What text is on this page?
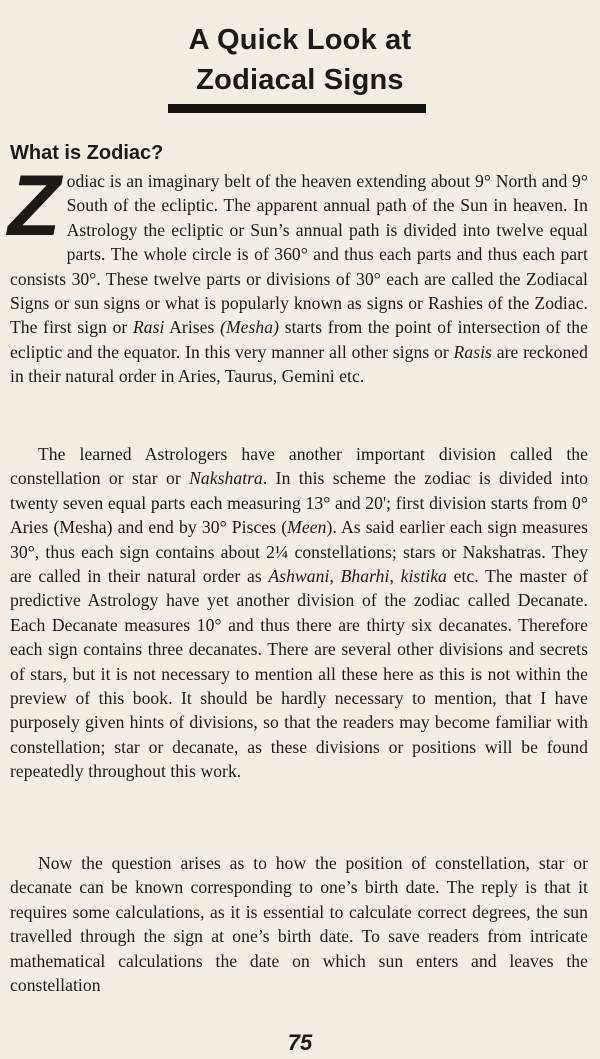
A Quick Look at
Zodiacal Signs
What is Zodiac?

Zodiac is an imaginary belt of the heaven extending about 9° North and 9° South of the ecliptic. The apparent annual path of the Sun in heaven. In Astrology the ecliptic or Sun’s annual path is divided into twelve equal parts. The whole circle is of 360° and thus each parts and thus each part consists 30°. These twelve parts or divisions of 30° each are called the Zodiacal Signs or sun signs or what is popularly known as signs or Rashies of the Zodiac. The first sign or Rasi Arises (Mesha) starts from the point of intersection of the ecliptic and the equator. In this very manner all other signs or Rasis are reckoned in their natural order in Aries, Taurus, Gemini etc.

The learned Astrologers have another important division called the constellation or star or Nakshatra. In this scheme the zodiac is divided into twenty seven equal parts each measuring 13° and 20'; first division starts from 0° Aries (Mesha) and end by 30° Pisces (Meen). As said earlier each sign measures 30°, thus each sign contains about 2¼ constellations; stars or Nakshatras. They are called in their natural order as Ashwani, Bharhi, kistika etc. The master of predictive Astrology have yet another division of the zodiac called Decanate. Each Decanate measures 10° and thus there are thirty six decanates. Therefore each sign contains three decanates. There are several other divisions and secrets of stars, but it is not necessary to mention all these here as this is not within the preview of this book. It should be hardly necessary to mention, that I have purposely given hints of divisions, so that the readers may become familiar with constellation; star or decanate, as these divisions or positions will be found repeatedly throughout this work.

Now the question arises as to how the position of constellation, star or decanate can be known corresponding to one’s birth date. The reply is that it requires some calculations, as it is essential to calculate correct degrees, the sun travelled through the sign at one’s birth date. To save readers from intricate mathematical calculations the date on which sun enters and leaves the constellation

75
